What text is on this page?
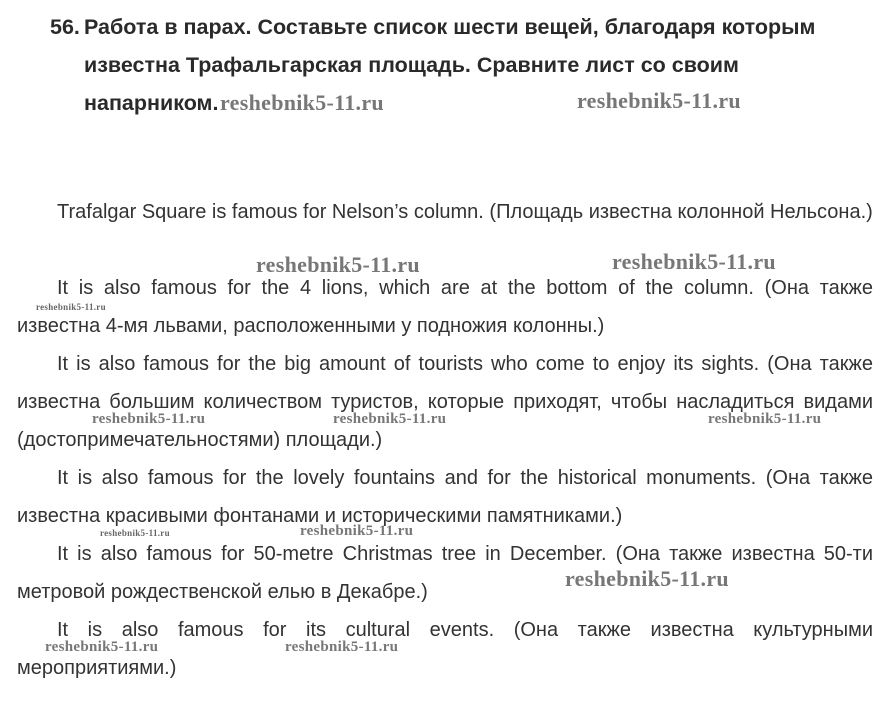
56. Работа в парах. Составьте список шести вещей, благодаря которым известна Трафальгарская площадь. Сравните лист со своим напарником.

Trafalgar Square is famous for Nelson’s column. (Площадь известна колонной Нельсона.)

It is also famous for the 4 lions, which are at the bottom of the column. (Она также известна 4-мя львами, расположенными у подножия колонны.)

It is also famous for the big amount of tourists who come to enjoy its sights. (Она также известна большим количеством туристов, которые приходят, чтобы насладиться видами (достопримечательностями) площади.)

It is also famous for the lovely fountains and for the historical monuments. (Она также известна красивыми фонтанами и историческими памятниками.)

It is also famous for 50-metre Christmas tree in December. (Она также известна 50-ти метровой рождественской елью в Декабре.)

It is also famous for its cultural events. (Она также известна культурными мероприятиями.)

reshebnik5-11.ru	reshebnik5-11.ru
reshebnik5-11.ru	reshebnik5-11.ru
reshebnik5-11.ru
reshebnik5-11.ru	reshebnik5-11.ru	reshebnik5-11.ru
reshebnik5-11.ru	reshebnik5-11.ru
reshebnik5-11.ru
reshebnik5-11.ru	reshebnik5-11.ru
